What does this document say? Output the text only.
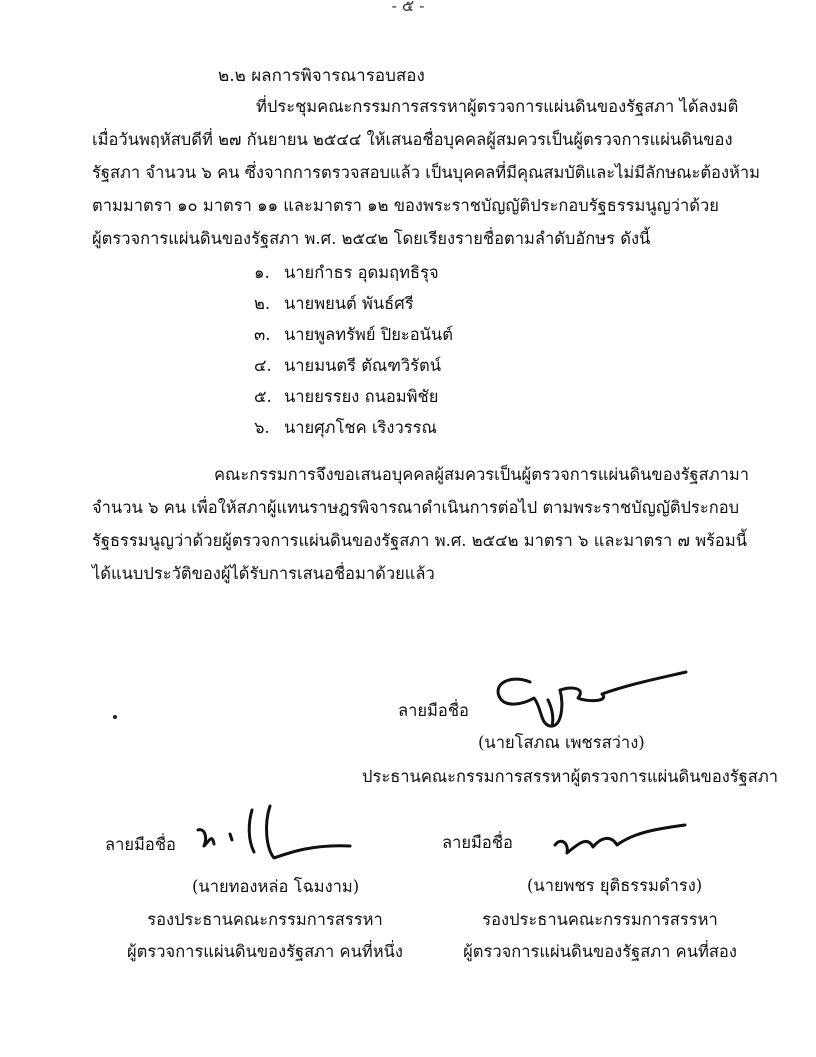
- ๕ -
๒.๒ ผลการพิจารณารอบสอง
ที่ประชุมคณะกรรมการสรรหาผู้ตรวจการแผ่นดินของรัฐสภา ได้ลงมติ
เมื่อวันพฤหัสบดีที่ ๒๗ กันยายน ๒๕๔๔ ให้เสนอชื่อบุคคลผู้สมควรเป็นผู้ตรวจการแผ่นดินของ
รัฐสภา จำนวน ๖ คน ซึ่งจากการตรวจสอบแล้ว เป็นบุคคลที่มีคุณสมบัติและไม่มีลักษณะต้องห้าม
ตามมาตรา ๑๐ มาตรา ๑๑ และมาตรา ๑๒ ของพระราชบัญญัติประกอบรัฐธรรมนูญว่าด้วย
ผู้ตรวจการแผ่นดินของรัฐสภา พ.ศ. ๒๕๔๒ โดยเรียงรายชื่อตามลำดับอักษร ดังนี้
๑. นายกำธร อุดมฤทธิรุจ
๒. นายพยนต์ พันธ์ศรี
๓. นายพูลทรัพย์ ปิยะอนันต์
๔. นายมนตรี ตัณฑวิรัตน์
๕. นายยรรยง ถนอมพิชัย
๖. นายศุภโชค เริงวรรณ
คณะกรรมการจึงขอเสนอบุคคลผู้สมควรเป็นผู้ตรวจการแผ่นดินของรัฐสภามา
จำนวน ๖ คน เพื่อให้สภาผู้แทนราษฎรพิจารณาดำเนินการต่อไป ตามพระราชบัญญัติประกอบ
รัฐธรรมนูญว่าด้วยผู้ตรวจการแผ่นดินของรัฐสภา พ.ศ. ๒๕๔๒ มาตรา ๖ และมาตรา ๗ พร้อมนี้
ได้แนบประวัติของผู้ได้รับการเสนอชื่อมาด้วยแล้ว
ลายมือชื่อ
(นายโสภณ เพชรสว่าง)
ประธานคณะกรรมการสรรหาผู้ตรวจการแผ่นดินของรัฐสภา
ลายมือชื่อ
(นายทองหล่อ โฉมงาม)
รองประธานคณะกรรมการสรรหา
ผู้ตรวจการแผ่นดินของรัฐสภา คนที่หนึ่ง
ลายมือชื่อ
(นายพชร ยุติธรรมดำรง)
รองประธานคณะกรรมการสรรหา
ผู้ตรวจการแผ่นดินของรัฐสภา คนที่สอง
